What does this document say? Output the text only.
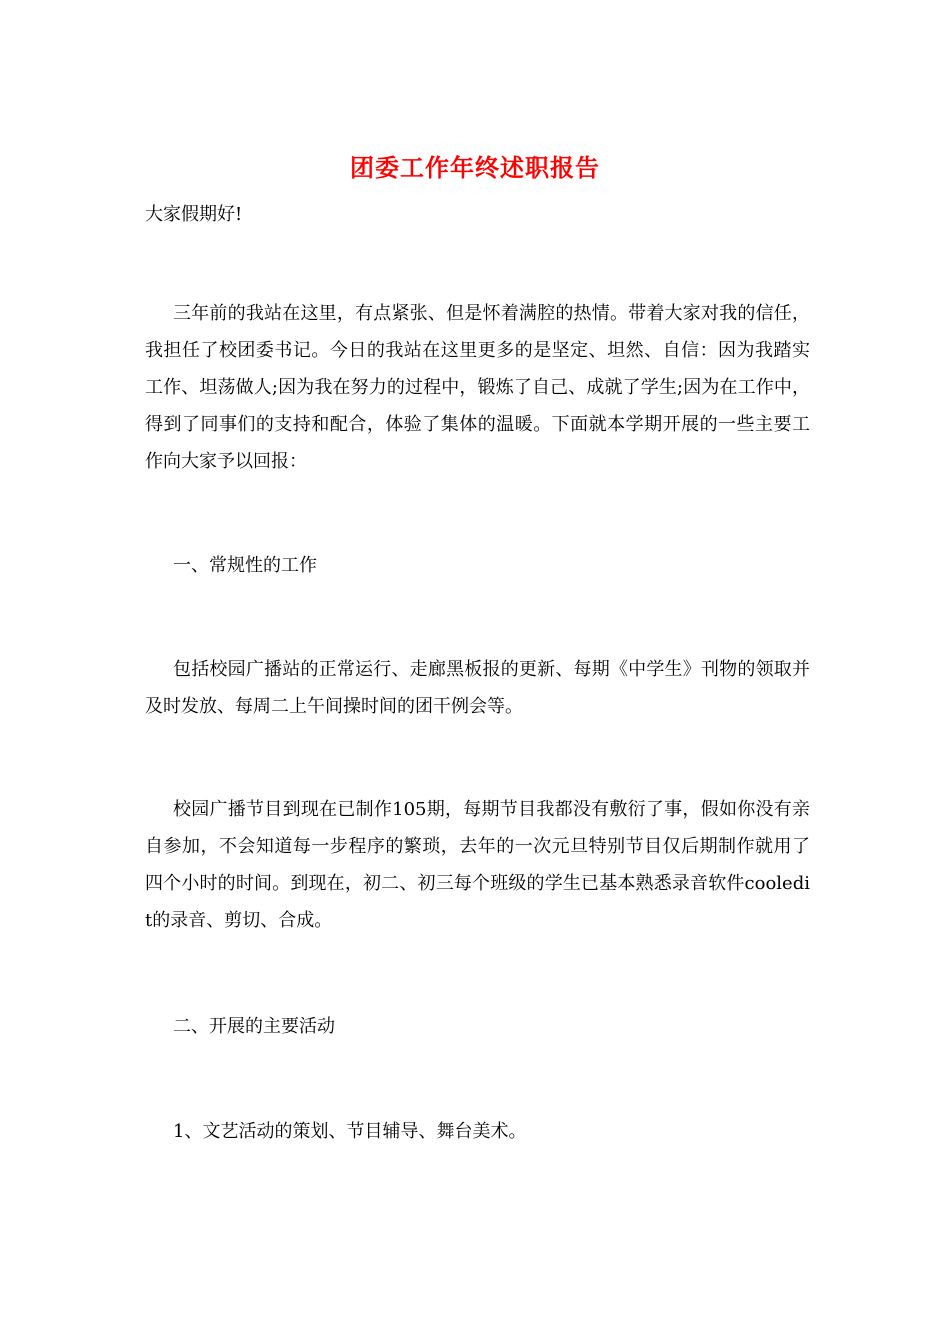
团委工作年终述职报告

大家假期好!

三年前的我站在这里，有点紧张、但是怀着满腔的热情。带着大家对我的信任，我担任了校团委书记。今日的我站在这里更多的是坚定、坦然、自信：因为我踏实工作、坦荡做人;因为我在努力的过程中，锻炼了自己、成就了学生;因为在工作中，得到了同事们的支持和配合，体验了集体的温暖。下面就本学期开展的一些主要工作向大家予以回报：

一、常规性的工作

包括校园广播站的正常运行、走廊黑板报的更新、每期《中学生》刊物的领取并及时发放、每周二上午间操时间的团干例会等。

校园广播节目到现在已制作105期，每期节目我都没有敷衍了事，假如你没有亲自参加，不会知道每一步程序的繁琐，去年的一次元旦特别节目仅后期制作就用了四个小时的时间。到现在，初二、初三每个班级的学生已基本熟悉录音软件cooledit的录音、剪切、合成。

二、开展的主要活动

1、文艺活动的策划、节目辅导、舞台美术。
